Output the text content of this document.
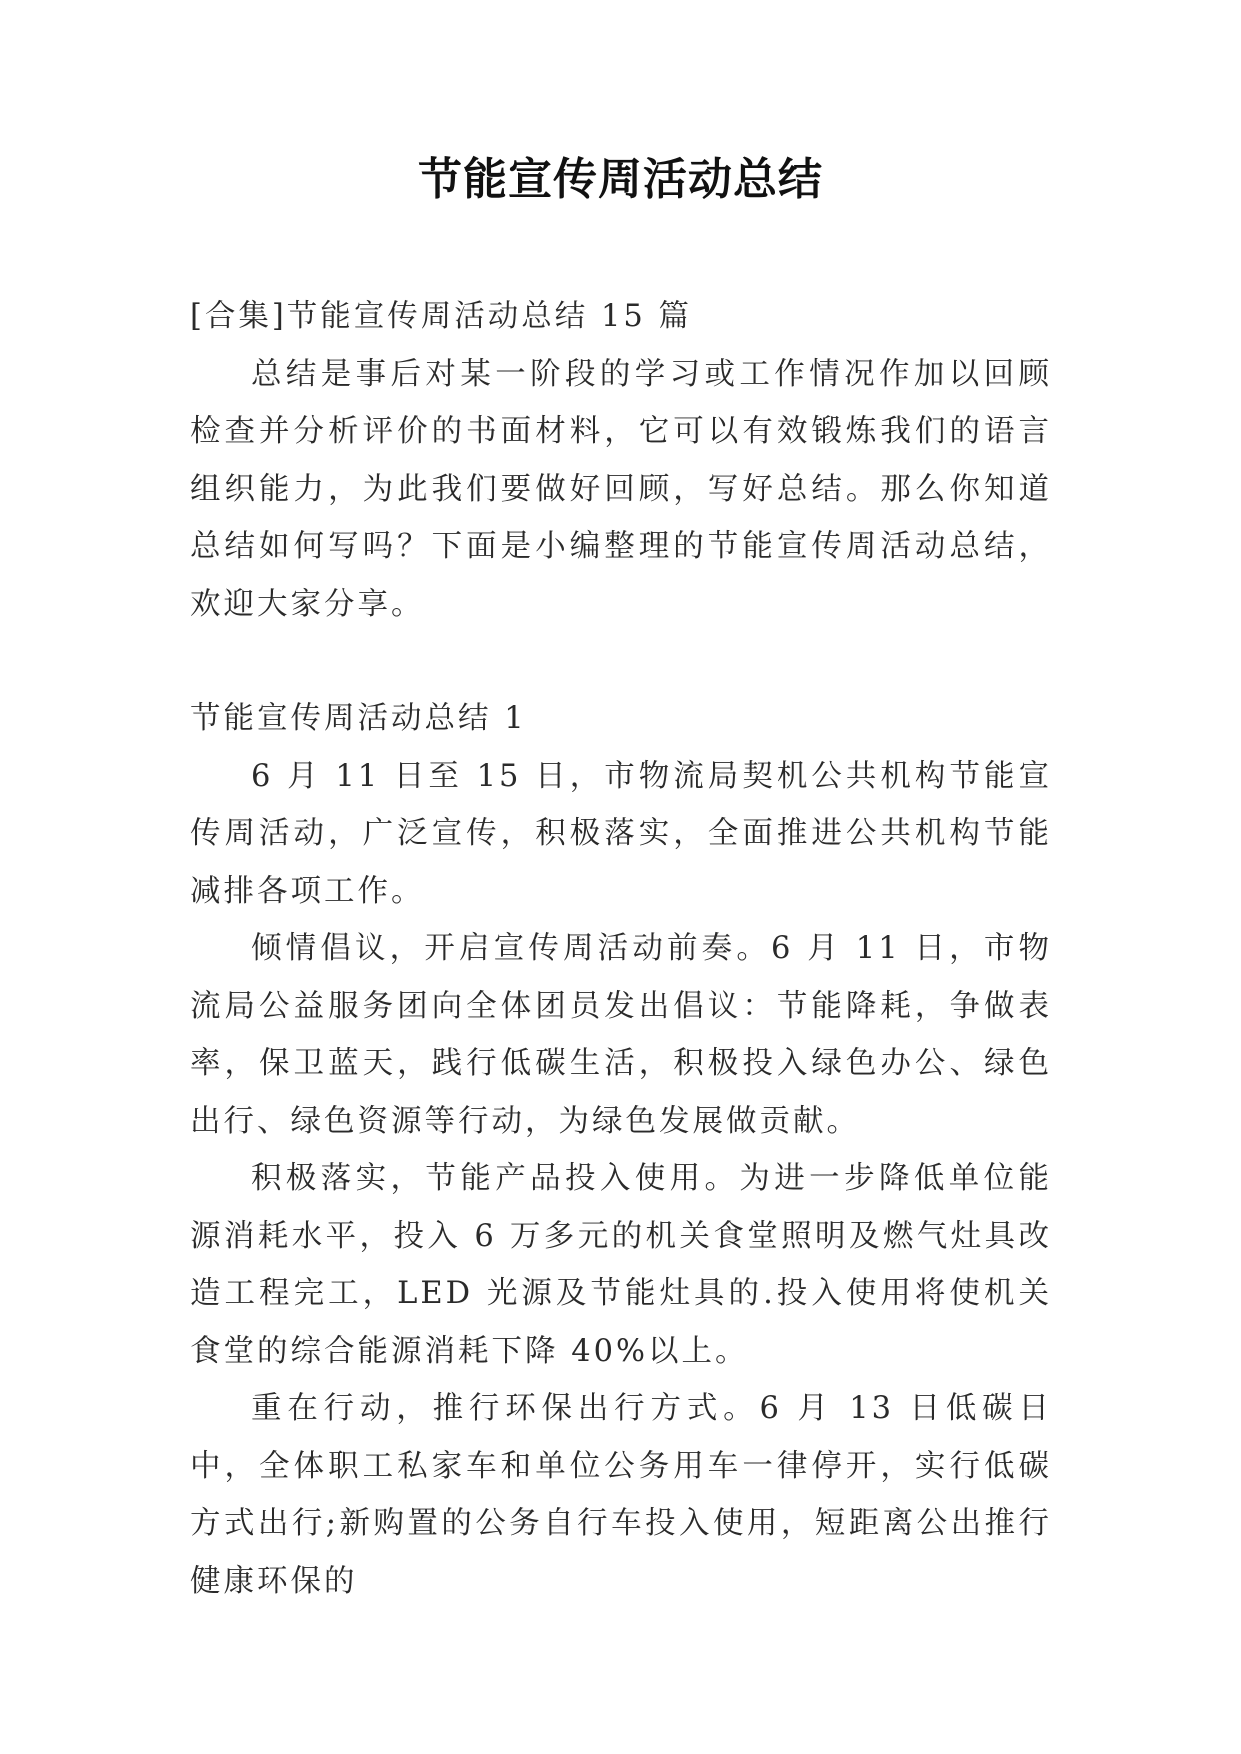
节能宣传周活动总结

[合集]节能宣传周活动总结 15 篇

总结是事后对某一阶段的学习或工作情况作加以回顾检查并分析评价的书面材料，它可以有效锻炼我们的语言组织能力，为此我们要做好回顾，写好总结。那么你知道总结如何写吗？下面是小编整理的节能宣传周活动总结，欢迎大家分享。

节能宣传周活动总结 1

6 月 11 日至 15 日，市物流局契机公共机构节能宣传周活动，广泛宣传，积极落实，全面推进公共机构节能减排各项工作。

倾情倡议，开启宣传周活动前奏。6 月 11 日，市物流局公益服务团向全体团员发出倡议：节能降耗，争做表率，保卫蓝天，践行低碳生活，积极投入绿色办公、绿色出行、绿色资源等行动，为绿色发展做贡献。

积极落实，节能产品投入使用。为进一步降低单位能源消耗水平，投入 6 万多元的机关食堂照明及燃气灶具改造工程完工，LED 光源及节能灶具的.投入使用将使机关食堂的综合能源消耗下降 40%以上。

重在行动，推行环保出行方式。6 月 13 日低碳日中，全体职工私家车和单位公务用车一律停开，实行低碳方式出行;新购置的公务自行车投入使用，短距离公出推行健康环保的
